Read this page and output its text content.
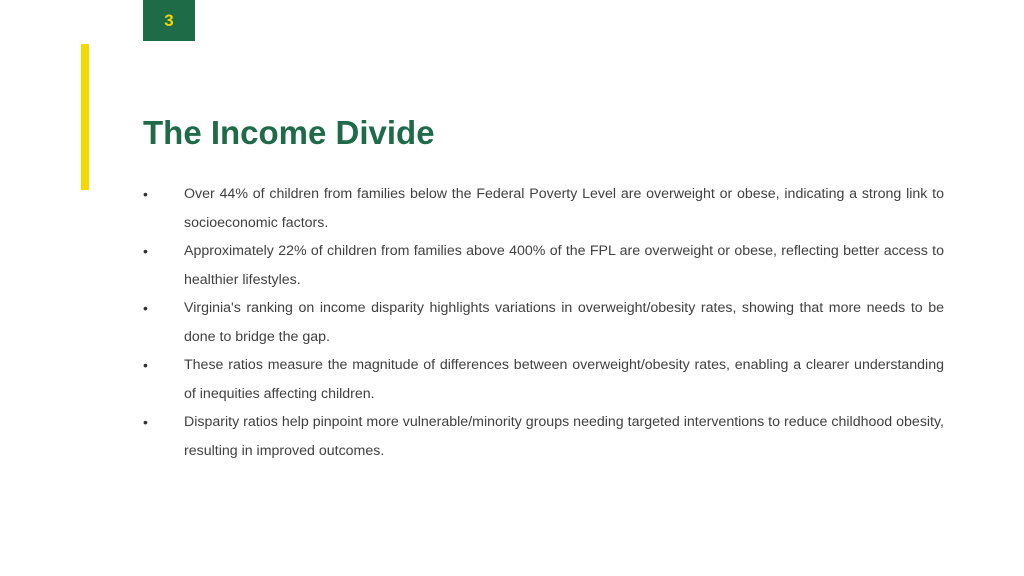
3
The Income Divide
•	Over 44% of children from families below the Federal Poverty Level are overweight or obese, indicating a strong link to socioeconomic factors.
•	Approximately 22% of children from families above 400% of the FPL are overweight or obese, reflecting better access to healthier lifestyles.
•	Virginia's ranking on income disparity highlights variations in overweight/obesity rates, showing that more needs to be done to bridge the gap.
•	These ratios measure the magnitude of differences between overweight/obesity rates, enabling a clearer understanding of inequities affecting children.
•	Disparity ratios help pinpoint more vulnerable/minority groups needing targeted interventions to reduce childhood obesity, resulting in improved outcomes.
